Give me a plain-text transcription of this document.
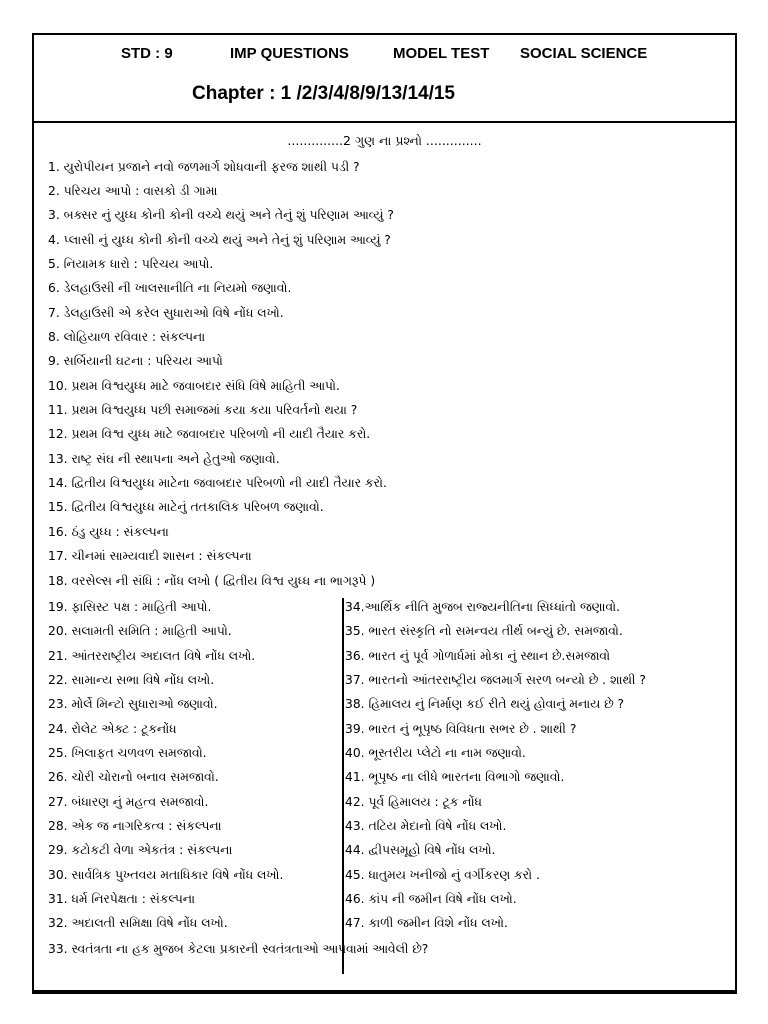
STD : 9	IMP QUESTIONS	MODEL TEST SOCIAL SCIENCE
Chapter : 1 /2/3/4/8/9/13/14/15
..............2 ગુણ ના પ્રશ્નો ..............
1. યુરોપીયન પ્રજાને નવો જળમાર્ગ શોધવાની ફરજ શાથી પડી ?
2. પરિચય આપો : વાસકો ડી ગામા
3. બક્સર નું યુધ્ધ કોની કોની વચ્ચે થયું અને તેનું શું પરિણામ આવ્યું ?
4. પ્લાસી નું યુધ્ધ કોની કોની વચ્ચે થયું અને તેનું શું પરિણામ આવ્યું ?
5. નિયામક ધારો : પરિચય આપો.
6. ડેલહાઉસી ની ખાલસાનીતિ ના નિયમો જણાવો.
7. ડેલહાઉસી એ કરેલ સુધારાઓ વિષે નોંધ લખો.
8. લોહિયાળ રવિવાર : સંકલ્પના
9. સર્બિયાની ઘટના : પરિચય આપો
10. પ્રથમ વિશ્વયુધ્ધ માટે જવાબદાર સંધિ વિષે માહિતી આપો.
11. પ્રથમ વિશ્વયુધ્ધ પછી સમાજમાં કયા કયા પરિવર્તનો થયા ?
12. પ્રથમ વિશ્વ યુધ્ધ માટે જવાબદાર પરિબળો ની યાદી તૈયાર કરો.
13. રાષ્ટ્ર સંઘ ની સ્થાપના અને હેતુઓ જણાવો.
14. દ્વિતીય વિશ્વયુધ્ધ માટેના જવાબદાર પરિબળો ની યાદી તૈયાર કરો.
15. દ્વિતીય વિશ્વયુધ્ધ માટેનું તતકાલિક પરિબળ જણાવો.
16. ઠંડુ યુધ્ધ : સંકલ્પના
17. ચીનમાં સામ્યવાદી શાસન : સંકલ્પના
18. વરસેલ્સ ની સંધિ : નોંધ લખો ( દ્વિતીય વિશ્વ યુધ્ધ ના ભાગરૂપે )
19. ફાસિસ્ટ પક્ષ : માહિતી આપો.
20. સલામતી સમિતિ : માહિતી આપો.
21. આંતરરાષ્ટ્રીય અદાલત વિષે નોંધ લખો.
22. સામાન્ય સભા વિષે નોંધ લખો.
23. મોર્લે મિન્ટો સુધારાઓ જણાવો.
24. રોલેટ એક્ટ : ટૂકનોંધ
25. ખિલાફત ચળવળ સમજાવો.
26. ચોરી ચોરાનો બનાવ સમજાવો.
27. બંધારણ નું મહત્વ સમજાવો.
28. એક જ નાગરિકત્વ : સંકલ્પના
29. કટોકટી વેળા એકતંત્ર : સંકલ્પના
30. સાર્વત્રિક પુખ્તવય મતાધિકાર વિષે નોંધ લખો.
31. ધર્મ નિરપેક્ષતા : સંકલ્પના
32. અદાલતી સમિક્ષા વિષે નોંધ લખો.
34.આર્થિક નીતિ મુજબ રાજ્યનીતિના સિધ્ધાંતો જણાવો.
35. ભારત સંસ્કૃતિ નો સમન્વય તીર્થ બન્યું છે. સમજાવો.
36. ભારત નું પૂર્વ ગોળાર્ધમાં મોકા નું સ્થાન છે.સમજાવો
37. ભારતનો આંતરરાષ્ટ્રીય જલમાર્ગ સરળ બન્યો છે . શાથી ?
38. હિમાલય નું નિર્માણ કઈ રીતે થયું હોવાનું મનાય છે ?
39. ભારત નું ભૂપૃષ્ઠ વિવિધતા સભર છે . શાથી ?
40. ભૂસ્તરીય પ્લેટો ના નામ જણાવો.
41. ભૂપૃષ્ઠ ના લીધે ભારતના વિભાગો જણાવો.
42. પૂર્વ હિમાલય : ટૂક નોંધ
43. તટિય મેદાનો વિષે નોંધ લખો.
44. દ્વીપસમૂહો વિષે નોંધ લખો.
45. ધાતુમય ખનીજો નું વર્ગીકરણ કરો .
46. કાંપ ની જમીન વિષે નોંધ લખો.
47. કાળી જમીન વિશે નોંધ લખો.
33. સ્વતંત્રતા ના હક મુજબ કેટલા પ્રકારની સ્વતંત્રતાઓ આપવામાં આવેલી છે?
